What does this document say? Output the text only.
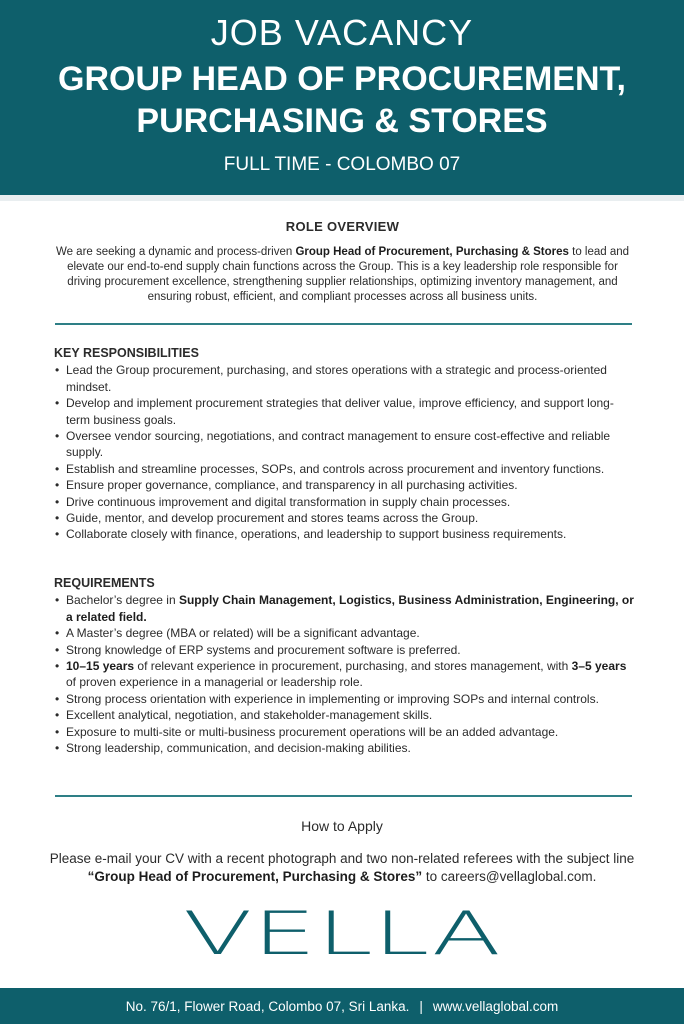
JOB VACANCY
GROUP HEAD OF PROCUREMENT,
PURCHASING & STORES
FULL TIME - COLOMBO 07
ROLE OVERVIEW
We are seeking a dynamic and process-driven Group Head of Procurement, Purchasing & Stores to lead and elevate our end-to-end supply chain functions across the Group. This is a key leadership role responsible for driving procurement excellence, strengthening supplier relationships, optimizing inventory management, and ensuring robust, efficient, and compliant processes across all business units.
KEY RESPONSIBILITIES
• Lead the Group procurement, purchasing, and stores operations with a strategic and process-oriented mindset.
• Develop and implement procurement strategies that deliver value, improve efficiency, and support long-term business goals.
• Oversee vendor sourcing, negotiations, and contract management to ensure cost-effective and reliable supply.
• Establish and streamline processes, SOPs, and controls across procurement and inventory functions.
• Ensure proper governance, compliance, and transparency in all purchasing activities.
• Drive continuous improvement and digital transformation in supply chain processes.
• Guide, mentor, and develop procurement and stores teams across the Group.
• Collaborate closely with finance, operations, and leadership to support business requirements.
REQUIREMENTS
• Bachelor’s degree in Supply Chain Management, Logistics, Business Administration, Engineering, or a related field.
• A Master’s degree (MBA or related) will be a significant advantage.
• Strong knowledge of ERP systems and procurement software is preferred.
• 10–15 years of relevant experience in procurement, purchasing, and stores management, with 3–5 years of proven experience in a managerial or leadership role.
• Strong process orientation with experience in implementing or improving SOPs and internal controls.
• Excellent analytical, negotiation, and stakeholder-management skills.
• Exposure to multi-site or multi-business procurement operations will be an added advantage.
• Strong leadership, communication, and decision-making abilities.
How to Apply
Please e-mail your CV with a recent photograph and two non-related referees with the subject line “Group Head of Procurement, Purchasing & Stores” to careers@vellaglobal.com.
VELLA
No. 76/1, Flower Road, Colombo 07, Sri Lanka. | www.vellaglobal.com
